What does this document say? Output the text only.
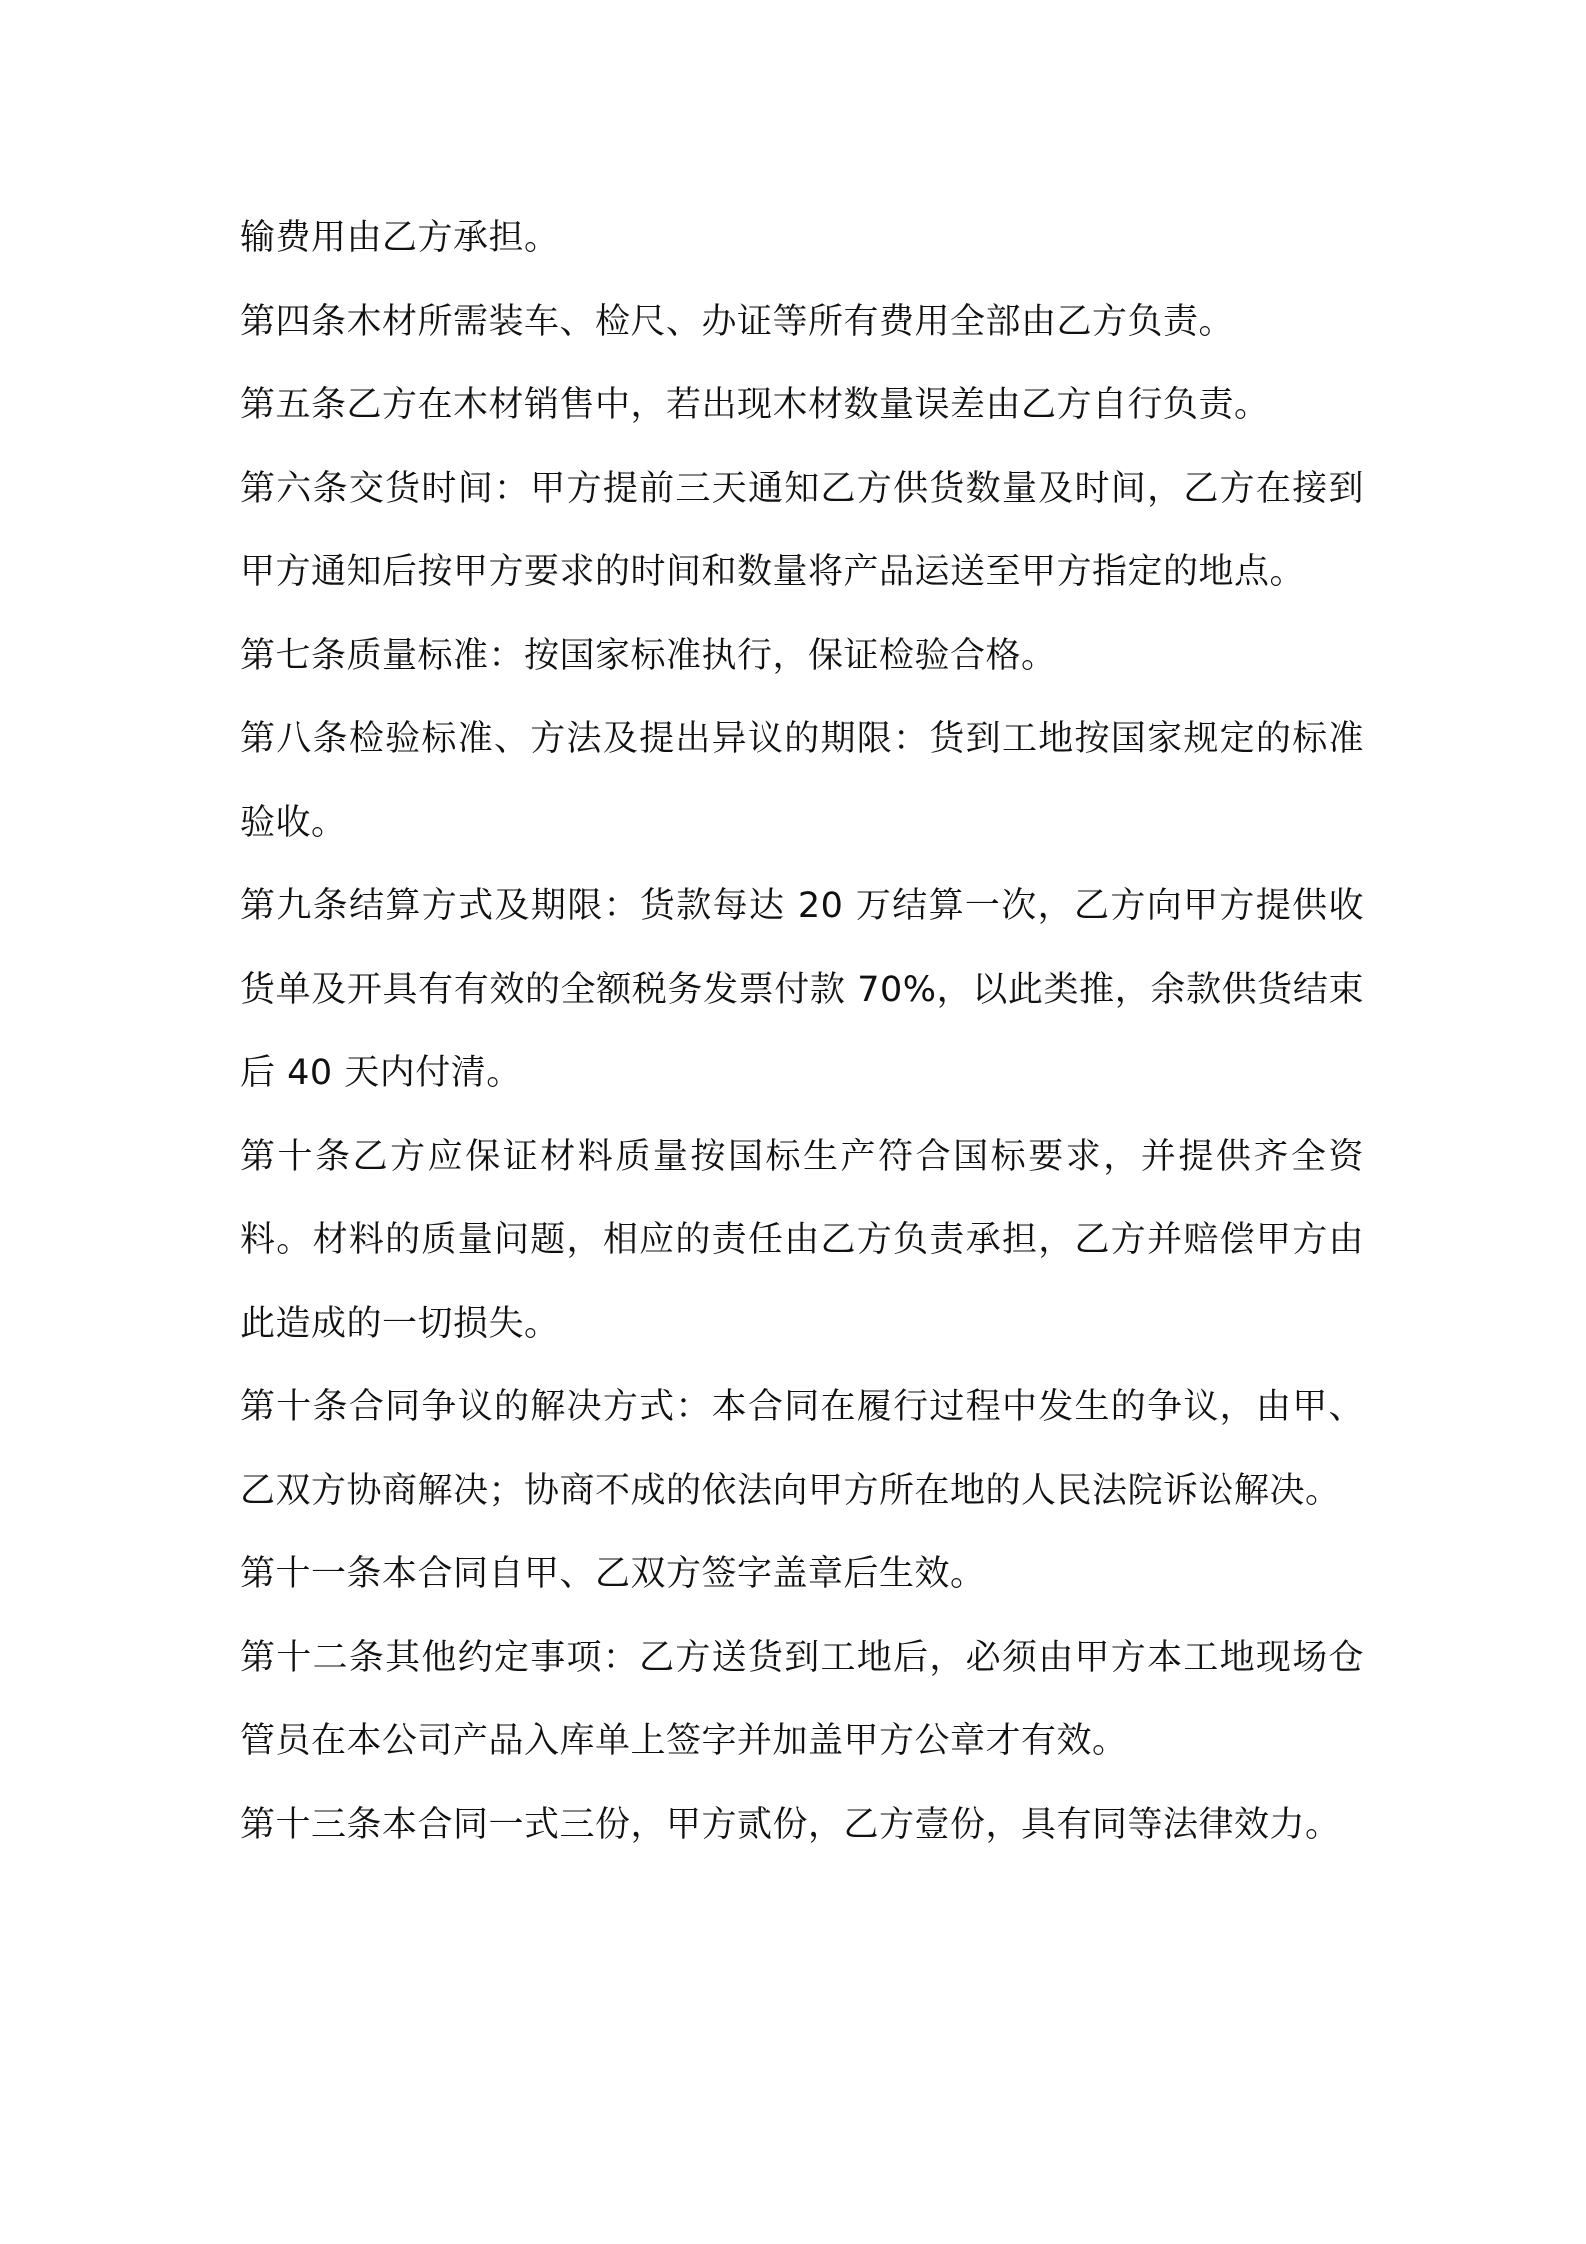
输费用由乙方承担。

第四条木材所需装车、检尺、办证等所有费用全部由乙方负责。

第五条乙方在木材销售中，若出现木材数量误差由乙方自行负责。

第六条交货时间：甲方提前三天通知乙方供货数量及时间，乙方在接到甲方通知后按甲方要求的时间和数量将产品运送至甲方指定的地点。

第七条质量标准：按国家标准执行，保证检验合格。

第八条检验标准、方法及提出异议的期限：货到工地按国家规定的标准验收。

第九条结算方式及期限：货款每达 20 万结算一次，乙方向甲方提供收货单及开具有有效的全额税务发票付款 70%，以此类推，余款供货结束后 40 天内付清。

第十条乙方应保证材料质量按国标生产符合国标要求，并提供齐全资料。材料的质量问题，相应的责任由乙方负责承担，乙方并赔偿甲方由此造成的一切损失。

第十条合同争议的解决方式：本合同在履行过程中发生的争议，由甲、乙双方协商解决；协商不成的依法向甲方所在地的人民法院诉讼解决。

第十一条本合同自甲、乙双方签字盖章后生效。

第十二条其他约定事项：乙方送货到工地后，必须由甲方本工地现场仓管员在本公司产品入库单上签字并加盖甲方公章才有效。

第十三条本合同一式三份，甲方贰份，乙方壹份，具有同等法律效力。
